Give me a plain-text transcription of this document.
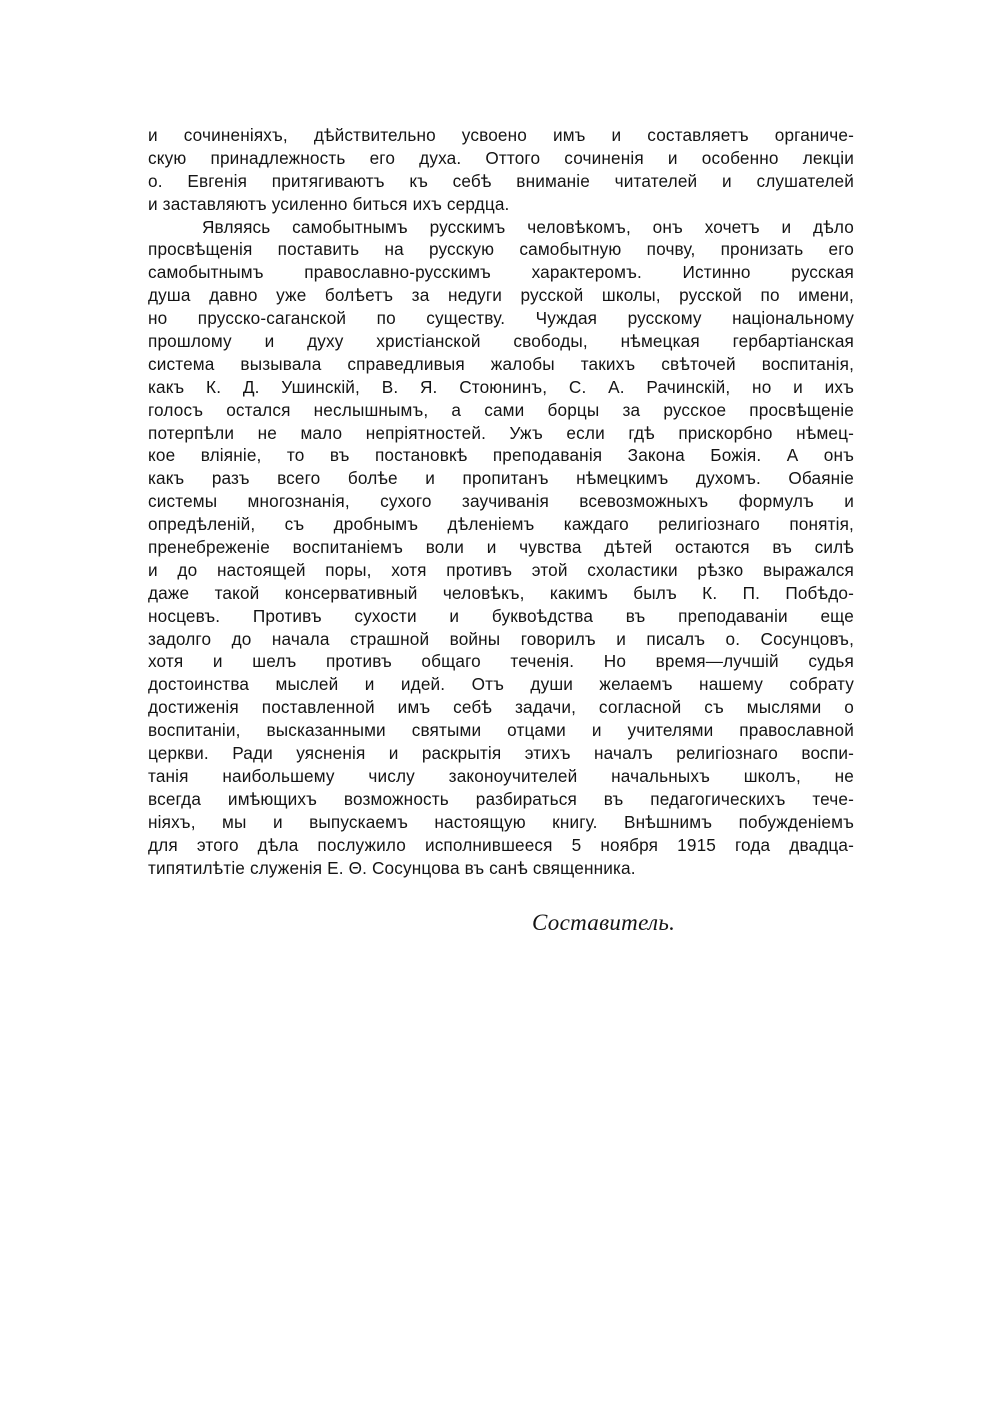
и сочиненіяхъ, дѣйствительно усвоено имъ и составляетъ органиче-
скую принадлежность его духа. Оттого сочиненія и особенно лекціи
о. Евгенія притягиваютъ къ себѣ вниманіе читателей и слушателей
и заставляютъ усиленно биться ихъ сердца.
Являясь самобытнымъ русскимъ человѣкомъ, онъ хочетъ и дѣло
просвѣщенія поставить на русскую самобытную почву, пронизать его
самобытнымъ православно-русскимъ характеромъ. Истинно русская
душа давно уже болѣетъ за недуги русской школы, русской по имени,
но прусско-саганской по существу. Чуждая русскому національному
прошлому и духу христіанской свободы, нѣмецкая гербартіанская
система вызывала справедливыя жалобы такихъ свѣточей воспитанія,
какъ К. Д. Ушинскій, В. Я. Стоюнинъ, С. А. Рачинскій, но и ихъ
голосъ остался неслышнымъ, а сами борцы за русское просвѣщеніе
потерпѣли не мало непріятностей. Ужъ если гдѣ прискорбно нѣмец-
кое вліяніе, то въ постановкѣ преподаванія Закона Божія. А онъ
какъ разъ всего болѣе и пропитанъ нѣмецкимъ духомъ. Обаяніе
системы многознанія, сухого заучиванія всевозможныхъ формулъ и
опредѣленій, съ дробнымъ дѣленіемъ каждаго религіознаго понятія,
пренебреженіе воспитаніемъ воли и чувства дѣтей остаются въ силѣ
и до настоящей поры, хотя противъ этой схоластики рѣзко выражался
даже такой консервативный человѣкъ, какимъ былъ К. П. Побѣдо-
носцевъ. Противъ сухости и буквоѣдства въ преподаваніи еще
задолго до начала страшной войны говорилъ и писалъ о. Сосунцовъ,
хотя и шелъ противъ общаго теченія. Но время—лучшій судья
достоинства мыслей и идей. Отъ души желаемъ нашему собрату
достиженія поставленной имъ себѣ задачи, согласной съ мыслями о
воспитаніи, высказанными святыми отцами и учителями православной
церкви. Ради уясненія и раскрытія этихъ началъ религіознаго воспи-
танія наибольшему числу законоучителей начальныхъ школъ, не
всегда имѣющихъ возможность разбираться въ педагогическихъ тече-
ніяхъ, мы и выпускаемъ настоящую книгу. Внѣшнимъ побужденіемъ
для этого дѣла послужило исполнившееся 5 ноября 1915 года двадца-
типятилѣтіе служенія Е. Θ. Сосунцова въ санѣ священника.
Составитель.
